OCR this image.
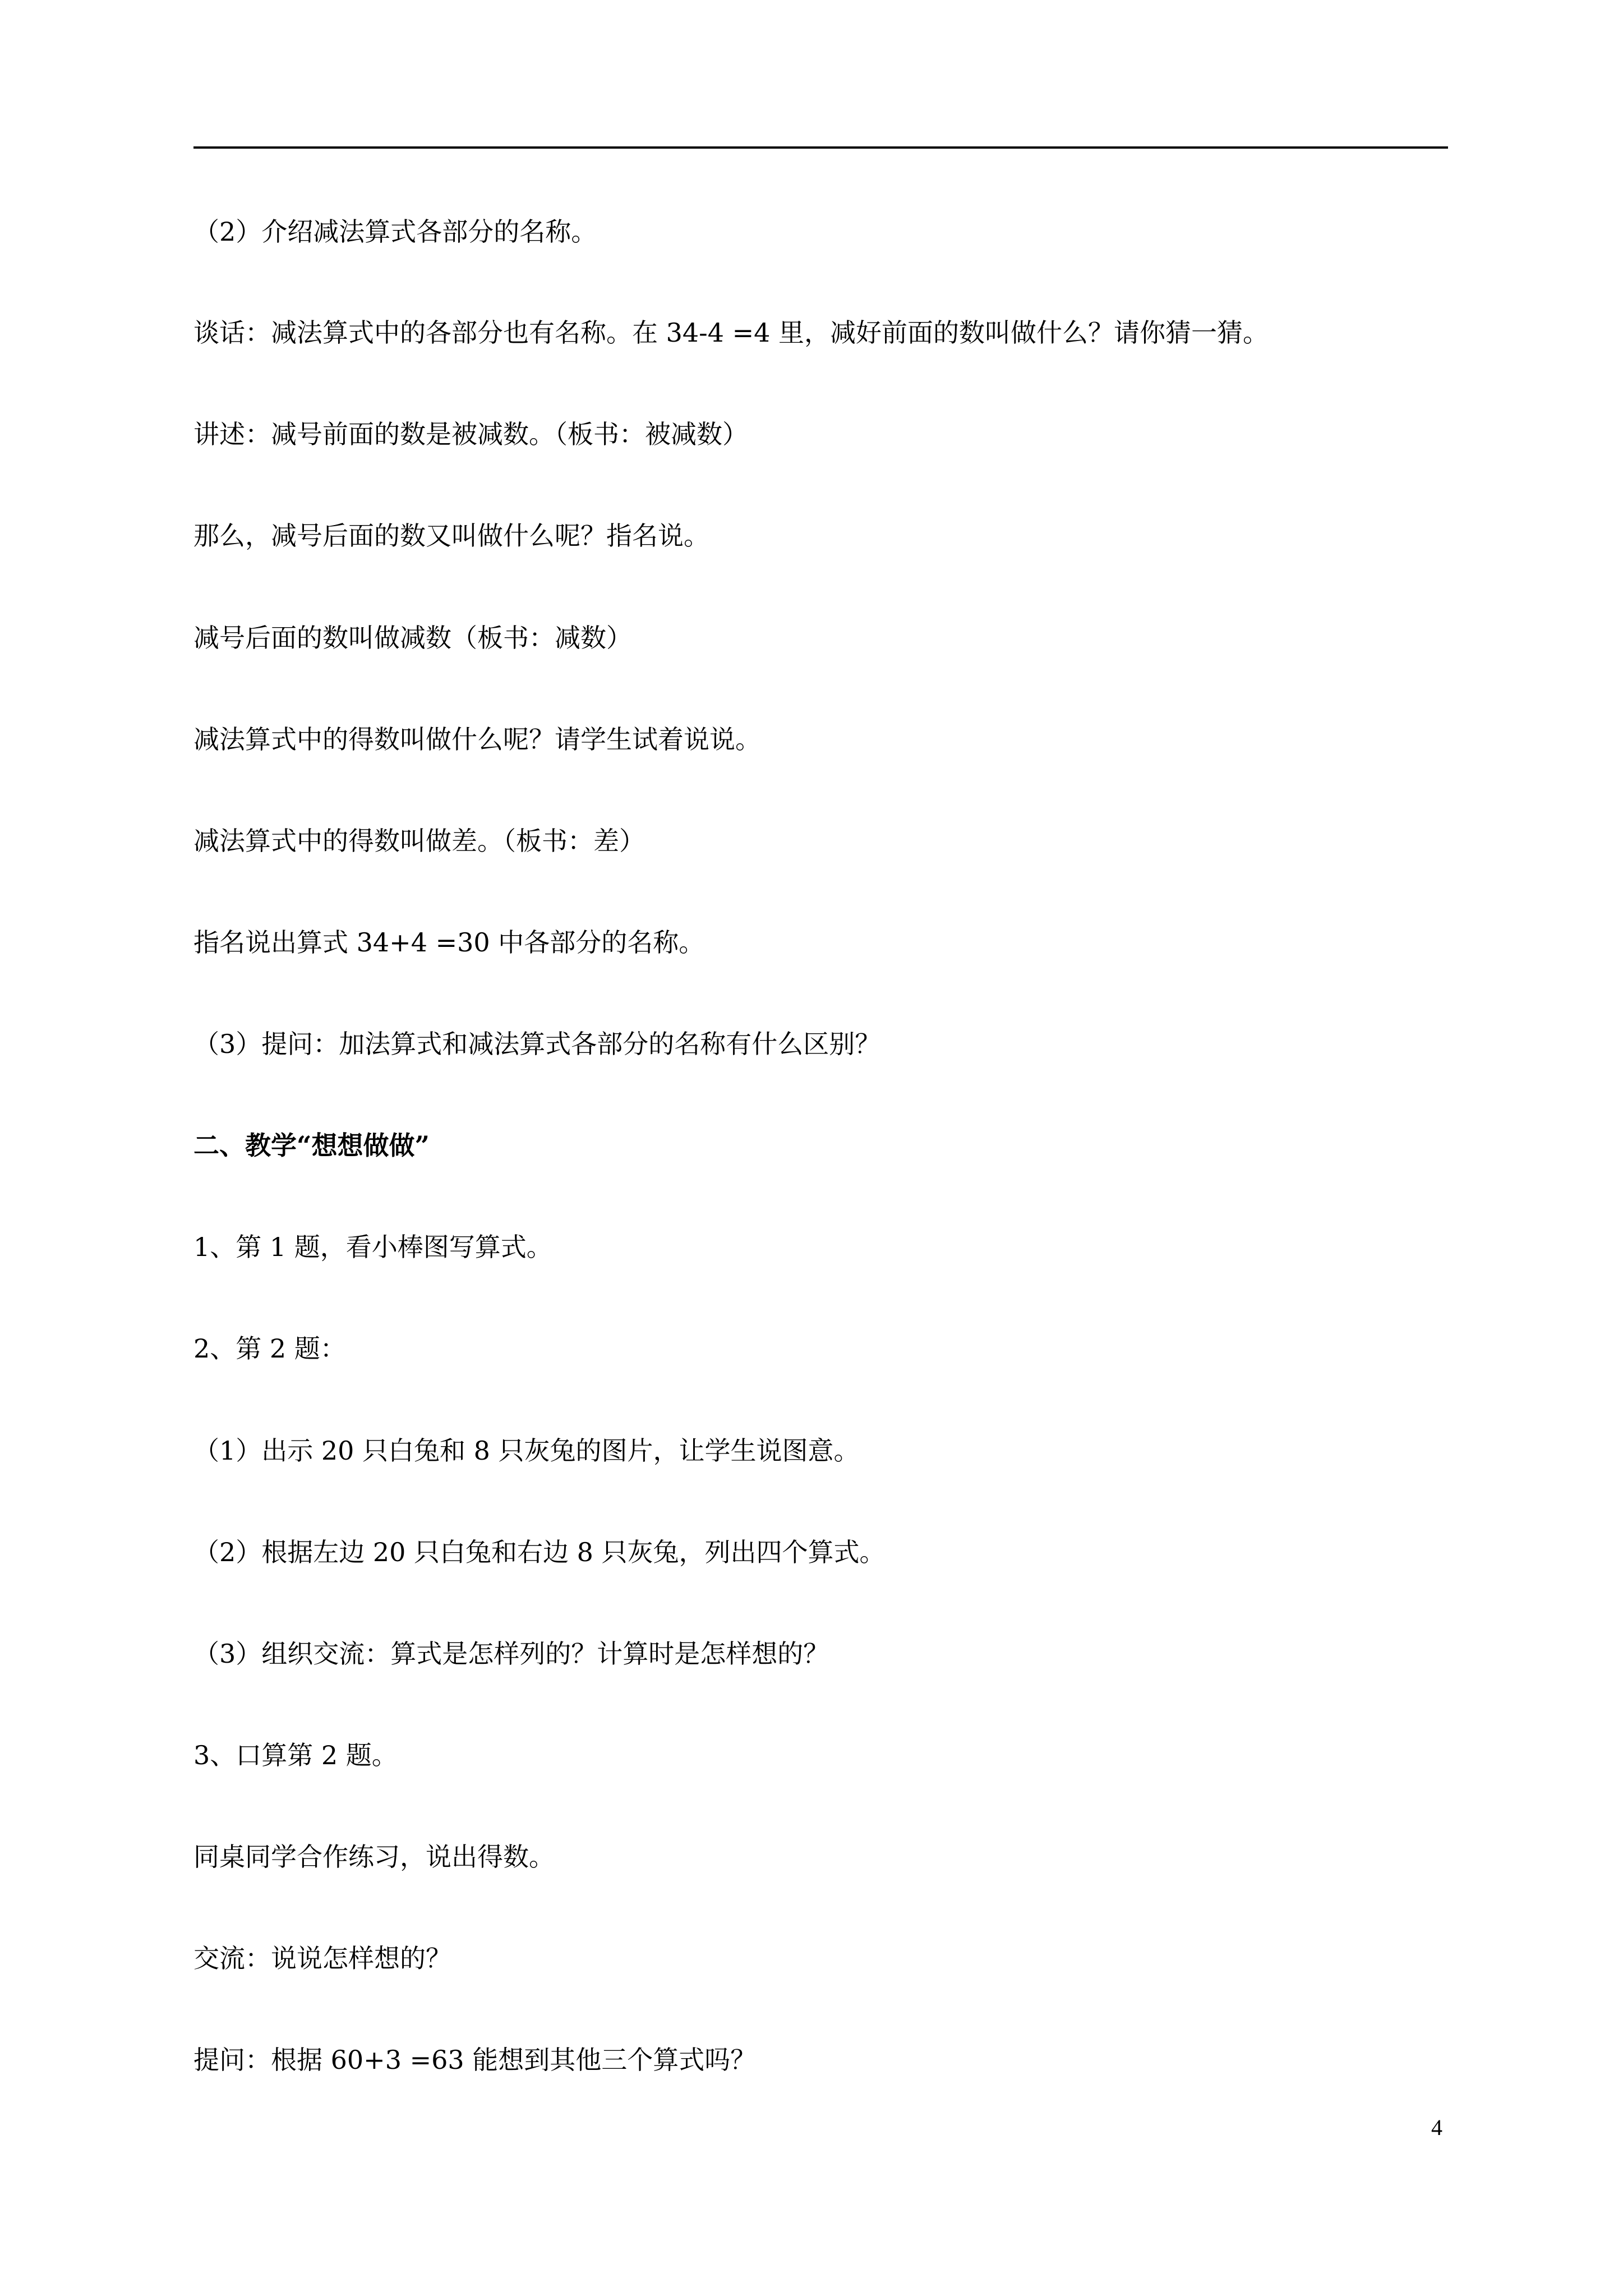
（2）介绍减法算式各部分的名称。
谈话：减法算式中的各部分也有名称。在 34-4 =4 里，减好前面的数叫做什么？请你猜一猜。
讲述：减号前面的数是被减数。（板书：被减数）
那么，减号后面的数又叫做什么呢？指名说。
减号后面的数叫做减数（板书：减数）
减法算式中的得数叫做什么呢？请学生试着说说。
减法算式中的得数叫做差。（板书：差）
指名说出算式 34+4 =30 中各部分的名称。
（3）提问：加法算式和减法算式各部分的名称有什么区别？
二、教学“想想做做”
1、第 1 题，看小棒图写算式。
2、第 2 题：
（1）出示 20 只白兔和 8 只灰兔的图片，让学生说图意。
（2）根据左边 20 只白兔和右边 8 只灰兔，列出四个算式。
（3）组织交流：算式是怎样列的？计算时是怎样想的？
3、口算第 2 题。
同桌同学合作练习，说出得数。
交流：说说怎样想的？
提问：根据 60+3 =63 能想到其他三个算式吗？
4
